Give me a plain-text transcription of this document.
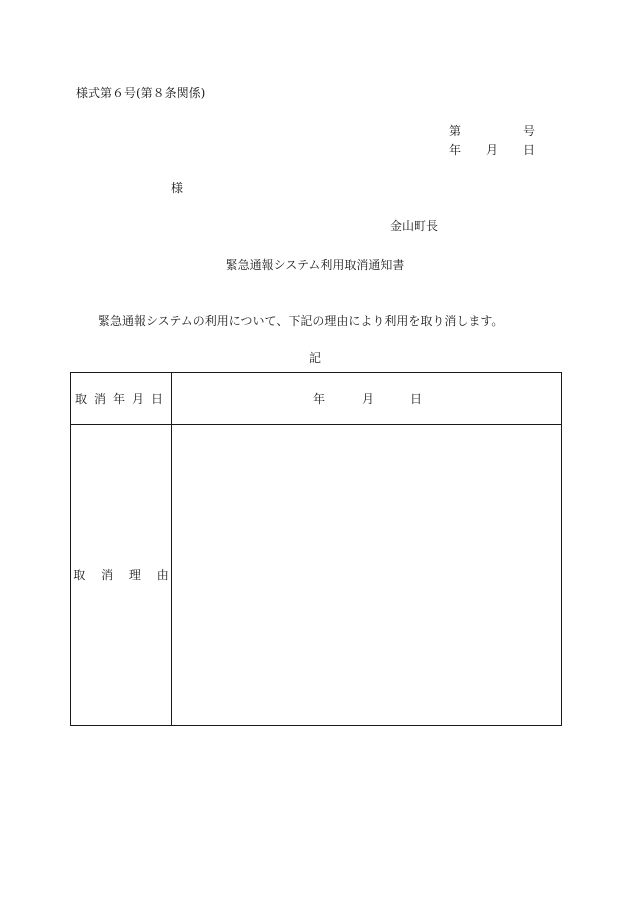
様式第６号(第８条関係)
第	号
年 月 日
様
金山町長
緊急通報システム利用取消通知書
緊急通報システムの利用について、下記の理由により利用を取り消します。
記
取消年月日	年	月	日
取 消 理 由
